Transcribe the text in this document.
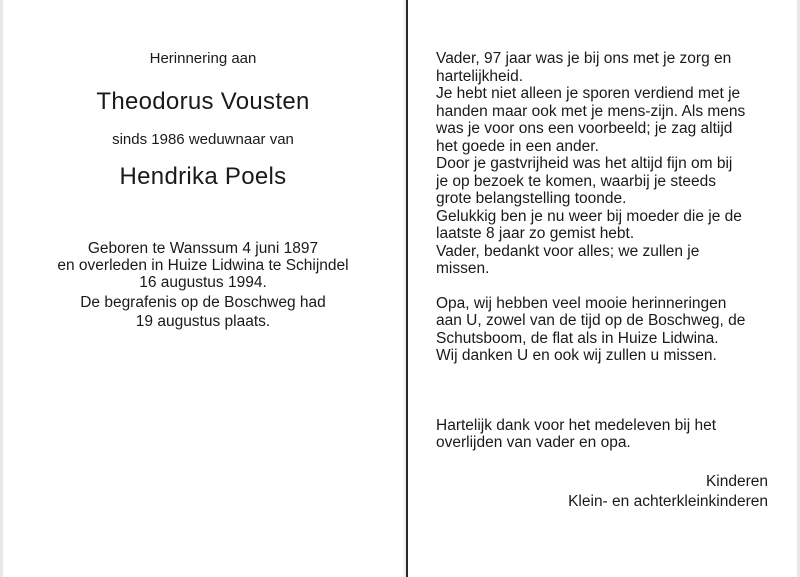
Herinnering aan
Theodorus Vousten
sinds 1986 weduwnaar van
Hendrika Poels
Geboren te Wanssum 4 juni 1897
en overleden in Huize Lidwina te Schijndel
16 augustus 1994.
De begrafenis op de Boschweg had
19 augustus plaats.
Vader, 97 jaar was je bij ons met je zorg en
hartelijkheid.
Je hebt niet alleen je sporen verdiend met je
handen maar ook met je mens-zijn. Als mens
was je voor ons een voorbeeld; je zag altijd
het goede in een ander.
Door je gastvrijheid was het altijd fijn om bij
je op bezoek te komen, waarbij je steeds
grote belangstelling toonde.
Gelukkig ben je nu weer bij moeder die je de
laatste 8 jaar zo gemist hebt.
Vader, bedankt voor alles; we zullen je
missen.
Opa, wij hebben veel mooie herinneringen
aan U, zowel van de tijd op de Boschweg, de
Schutsboom, de flat als in Huize Lidwina.
Wij danken U en ook wij zullen u missen.
Hartelijk dank voor het medeleven bij het
overlijden van vader en opa.
Kinderen
Klein- en achterkleinkinderen
